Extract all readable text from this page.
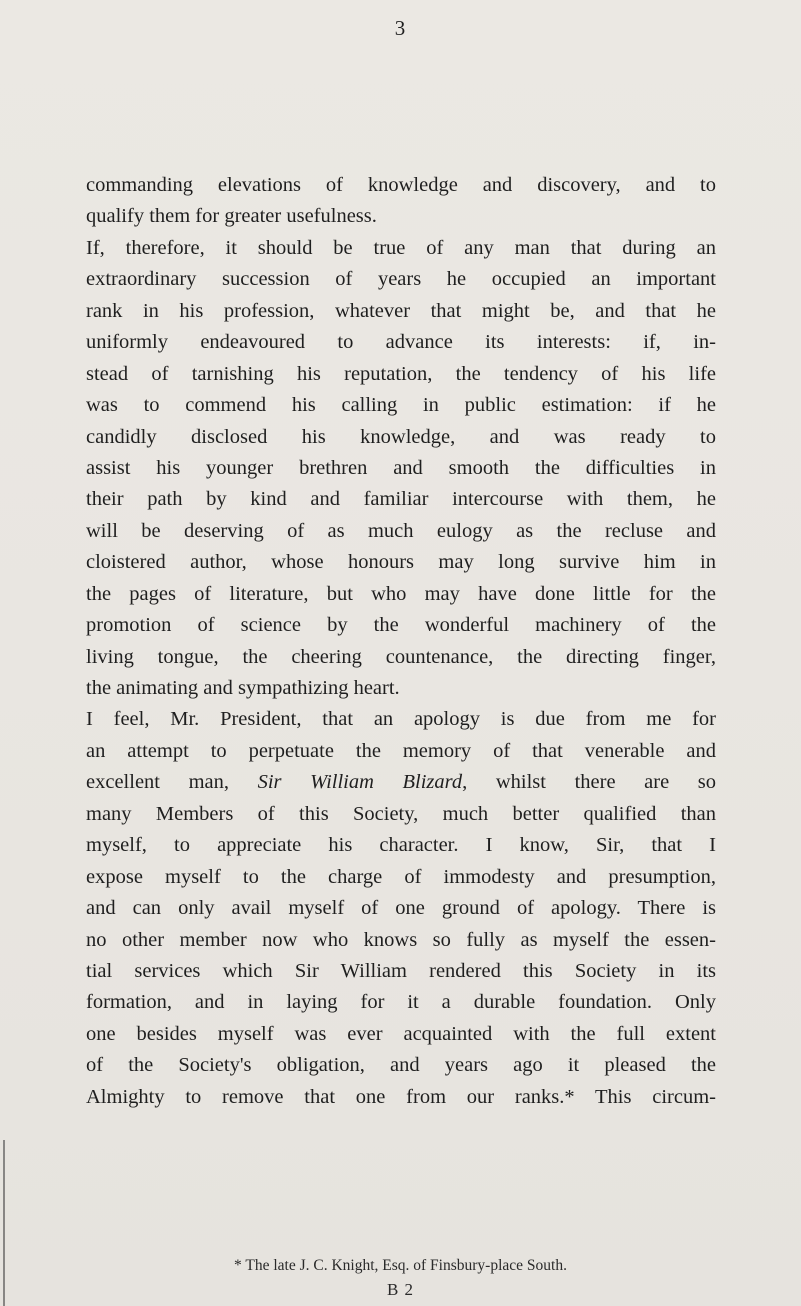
3
commanding elevations of knowledge and discovery, and to
qualify them for greater usefulness.
If, therefore, it should be true of any man that during an
extraordinary succession of years he occupied an important
rank in his profession, whatever that might be, and that he
uniformly endeavoured to advance its interests: if, in-
stead of tarnishing his reputation, the tendency of his life
was to commend his calling in public estimation: if he
candidly disclosed his knowledge, and was ready to
assist his younger brethren and smooth the difficulties in
their path by kind and familiar intercourse with them, he
will be deserving of as much eulogy as the recluse and
cloistered author, whose honours may long survive him in
the pages of literature, but who may have done little for the
promotion of science by the wonderful machinery of the
living tongue, the cheering countenance, the directing finger,
the animating and sympathizing heart.
I feel, Mr. President, that an apology is due from me for
an attempt to perpetuate the memory of that venerable and
excellent man, Sir William Blizard, whilst there are so
many Members of this Society, much better qualified than
myself, to appreciate his character. I know, Sir, that I
expose myself to the charge of immodesty and presumption,
and can only avail myself of one ground of apology. There is
no other member now who knows so fully as myself the essen-
tial services which Sir William rendered this Society in its
formation, and in laying for it a durable foundation. Only
one besides myself was ever acquainted with the full extent
of the Society's obligation, and years ago it pleased the
Almighty to remove that one from our ranks.* This circum-
* The late J. C. Knight, Esq. of Finsbury-place South.
B 2
